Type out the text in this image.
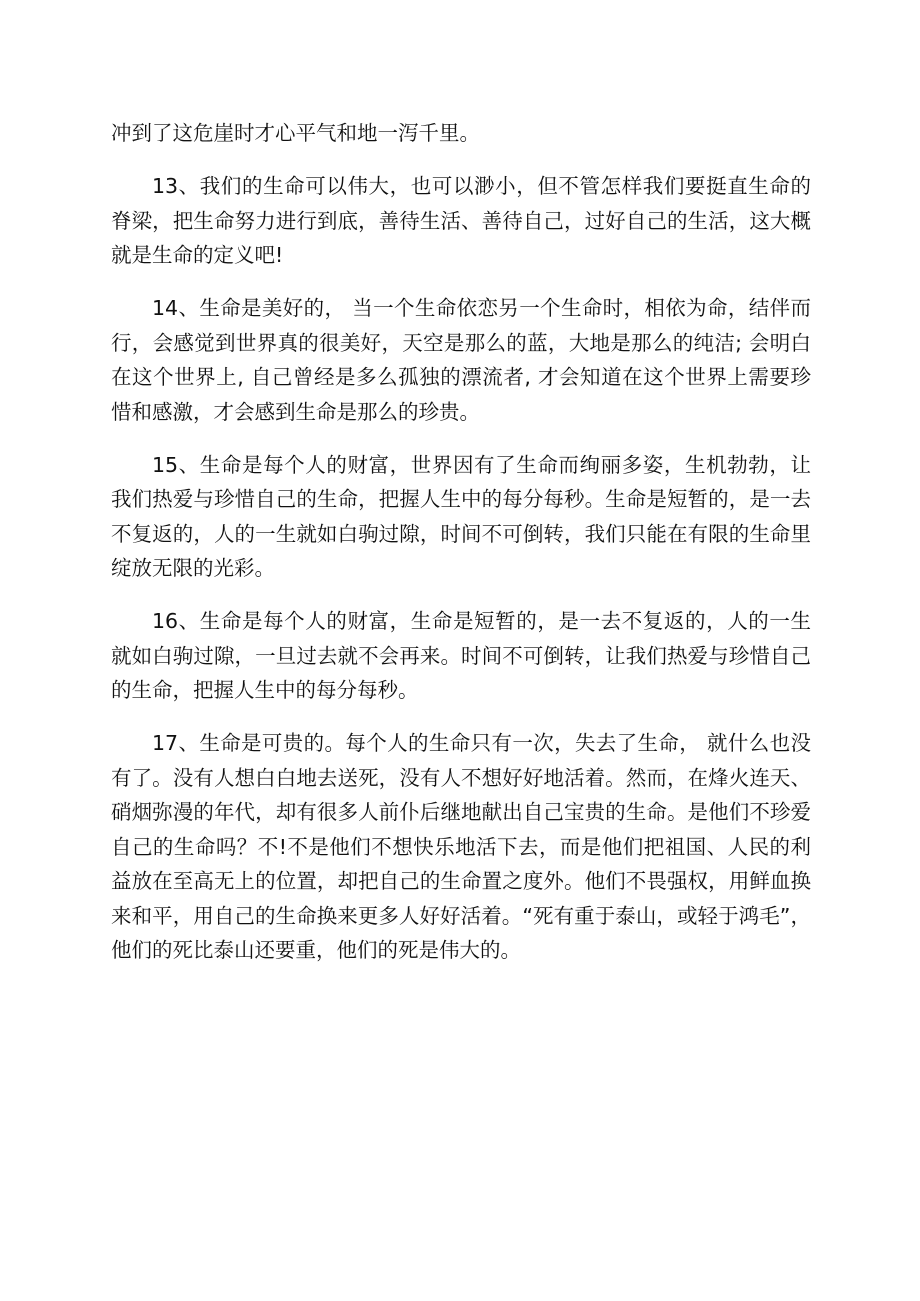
冲到了这危崖时才心平气和地一泻千里。

13、我们的生命可以伟大，也可以渺小，但不管怎样我们要挺直生命的脊梁，把生命努力进行到底，善待生活、善待自己，过好自己的生活，这大概就是生命的定义吧!

14、生命是美好的， 当一个生命依恋另一个生命时，相依为命，结伴而行，会感觉到世界真的很美好，天空是那么的蓝，大地是那么的纯洁; 会明白在这个世界上, 自己曾经是多么孤独的漂流者, 才会知道在这个世界上需要珍惜和感激，才会感到生命是那么的珍贵。

15、生命是每个人的财富，世界因有了生命而绚丽多姿，生机勃勃，让我们热爱与珍惜自己的生命，把握人生中的每分每秒。生命是短暂的，是一去不复返的，人的一生就如白驹过隙，时间不可倒转，我们只能在有限的生命里绽放无限的光彩。

16、生命是每个人的财富，生命是短暂的，是一去不复返的，人的一生就如白驹过隙，一旦过去就不会再来。时间不可倒转，让我们热爱与珍惜自己的生命，把握人生中的每分每秒。

17、生命是可贵的。每个人的生命只有一次，失去了生命， 就什么也没有了。没有人想白白地去送死，没有人不想好好地活着。然而，在烽火连天、硝烟弥漫的年代，却有很多人前仆后继地献出自己宝贵的生命。是他们不珍爱自己的生命吗？不!不是他们不想快乐地活下去，而是他们把祖国、人民的利益放在至高无上的位置，却把自己的生命置之度外。他们不畏强权，用鲜血换来和平，用自己的生命换来更多人好好活着。“死有重于泰山，或轻于鸿毛”，他们的死比泰山还要重，他们的死是伟大的。
